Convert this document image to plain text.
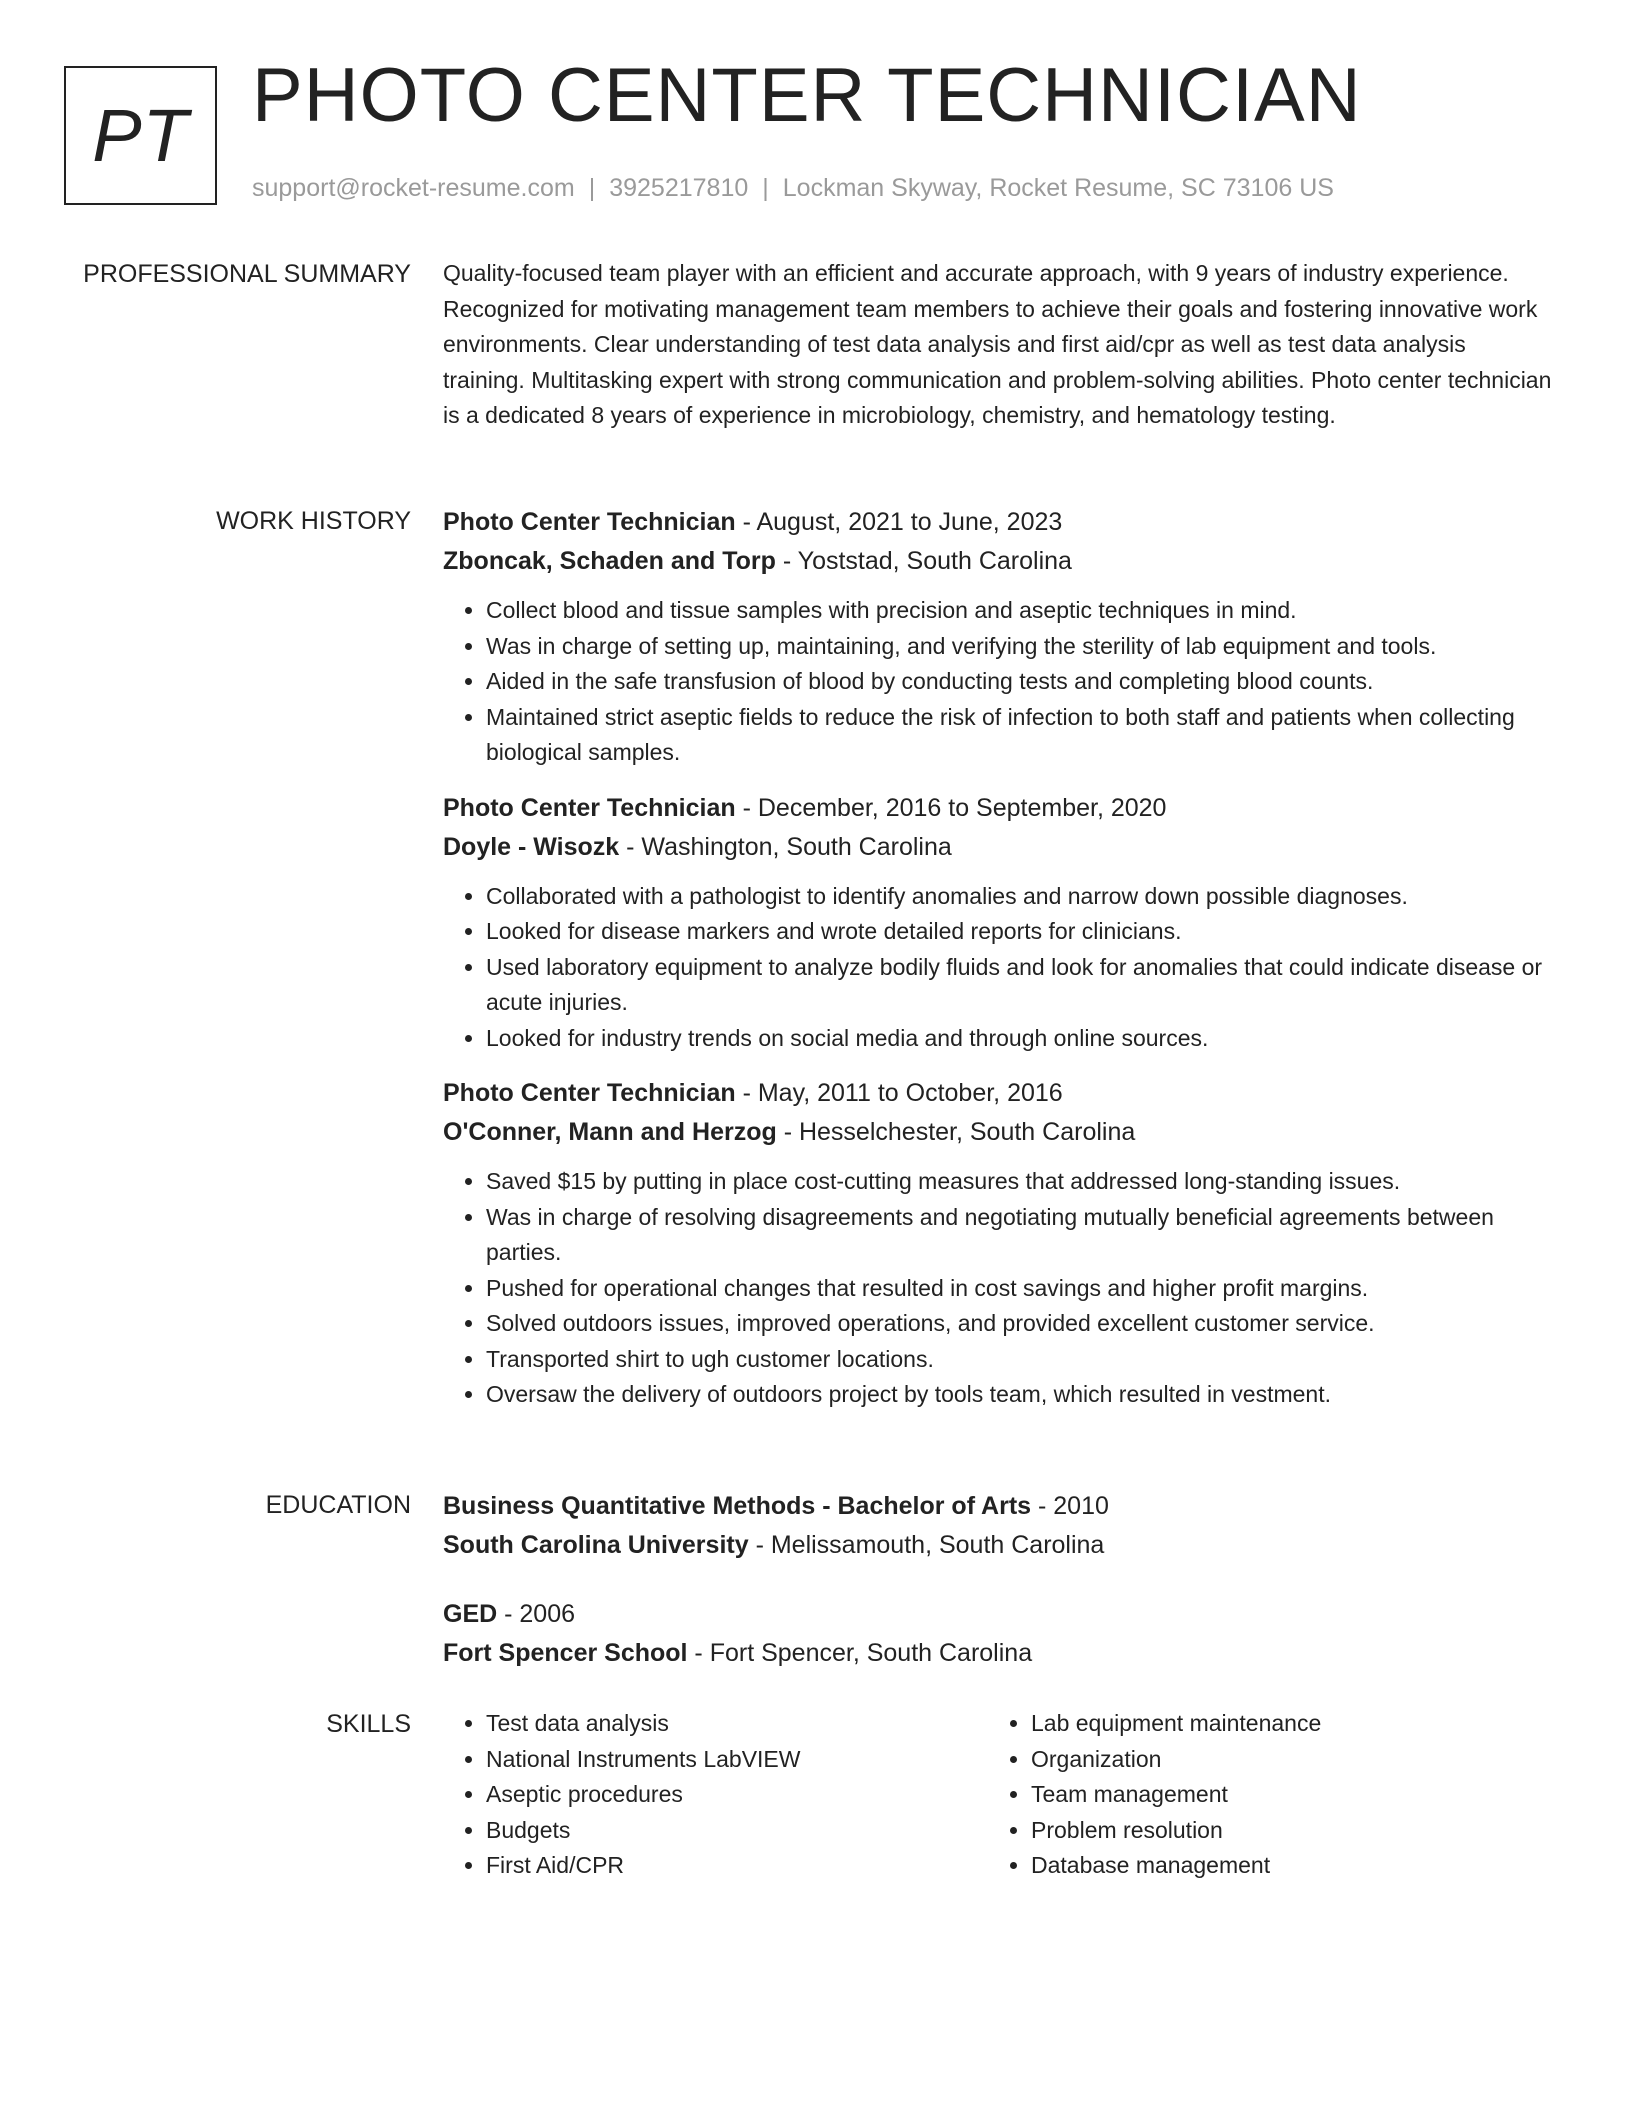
PT PHOTO CENTER TECHNICIAN
support@rocket-resume.com | 3925217810 | Lockman Skyway, Rocket Resume, SC 73106 US
PROFESSIONAL SUMMARY Quality-focused team player with an efficient and accurate approach, with 9 years of industry experience. Recognized for motivating management team members to achieve their goals and fostering innovative work environments. Clear understanding of test data analysis and first aid/cpr as well as test data analysis training. Multitasking expert with strong communication and problem-solving abilities. Photo center technician is a dedicated 8 years of experience in microbiology, chemistry, and hematology testing.

WORK HISTORY Photo Center Technician - August, 2021 to June, 2023
Zboncak, Schaden and Torp - Yoststad, South Carolina
• Collect blood and tissue samples with precision and aseptic techniques in mind.
• Was in charge of setting up, maintaining, and verifying the sterility of lab equipment and tools.
• Aided in the safe transfusion of blood by conducting tests and completing blood counts.
• Maintained strict aseptic fields to reduce the risk of infection to both staff and patients when collecting biological samples.
Photo Center Technician - December, 2016 to September, 2020
Doyle - Wisozk - Washington, South Carolina
• Collaborated with a pathologist to identify anomalies and narrow down possible diagnoses.
• Looked for disease markers and wrote detailed reports for clinicians.
• Used laboratory equipment to analyze bodily fluids and look for anomalies that could indicate disease or acute injuries.
• Looked for industry trends on social media and through online sources.
Photo Center Technician - May, 2011 to October, 2016
O'Conner, Mann and Herzog - Hesselchester, South Carolina
• Saved $15 by putting in place cost-cutting measures that addressed long-standing issues.
• Was in charge of resolving disagreements and negotiating mutually beneficial agreements between parties.
• Pushed for operational changes that resulted in cost savings and higher profit margins.
• Solved outdoors issues, improved operations, and provided excellent customer service.
• Transported shirt to ugh customer locations.
• Oversaw the delivery of outdoors project by tools team, which resulted in vestment.
EDUCATION Business Quantitative Methods - Bachelor of Arts - 2010
South Carolina University - Melissamouth, South Carolina
GED - 2006
Fort Spencer School - Fort Spencer, South Carolina
SKILLS
•	Test data analysis
• National Instruments LabVIEW
• Aseptic procedures
• Budgets
• First Aid/CPR
• Lab equipment maintenance
• Organization
• Team management
• Problem resolution
• Database management
